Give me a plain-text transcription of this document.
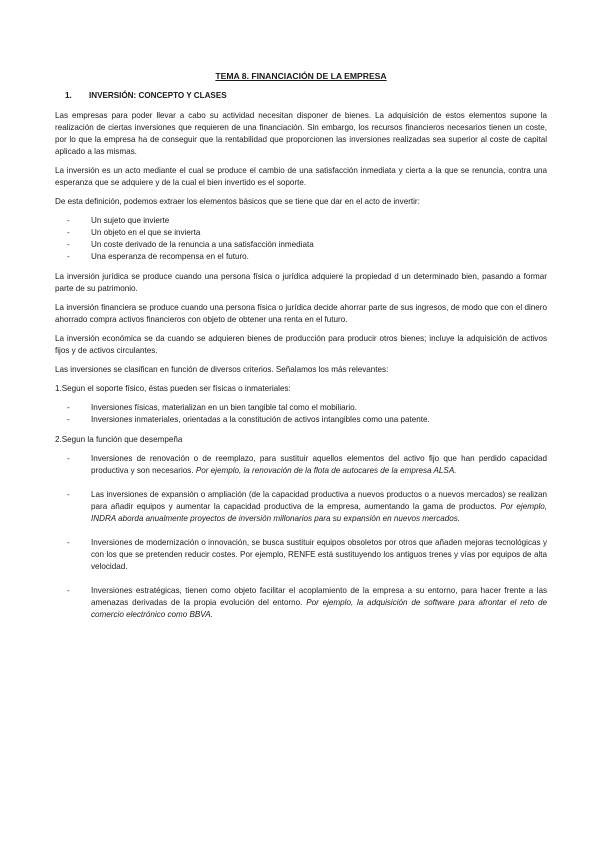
TEMA 8. FINANCIACIÓN DE LA EMPRESA
1. INVERSIÓN: CONCEPTO Y CLASES

Las empresas para poder llevar a cabo su actividad necesitan disponer de bienes. La adquisición de estos elementos supone la realización de ciertas inversiones que requieren de una financiación. Sin embargo, los recursos financieros necesarios tienen un coste, por lo que la empresa ha de conseguir que la rentabilidad que proporcionen las inversiones realizadas sea superior al coste de capital aplicado a las mismas.

La inversión es un acto mediante el cual se produce el cambio de una satisfacción inmediata y cierta a la que se renuncia, contra una esperanza que se adquiere y de la cual el bien invertido es el soporte.

De esta definición, podemos extraer los elementos básicos que se tiene que dar en el acto de invertir:

-	Un sujeto que invierte
-	Un objeto en el que se invierta
-	Un coste derivado de la renuncia a una satisfacción inmediata
-	Una esperanza de recompensa en el futuro.

La inversión jurídica se produce cuando una persona física o jurídica adquiere la propiedad d un determinado bien, pasando a formar parte de su patrimonio.

La inversión financiera se produce cuando una persona física o jurídica decide ahorrar parte de sus ingresos, de modo que con el dinero ahorrado compra activos financieros con objeto de obtener una renta en el futuro.

La inversión económica se da cuando se adquieren bienes de producción para producir otros bienes; incluye la adquisición de activos fijos y de activos circulantes.

Las inversiones se clasifican en función de diversos criterios. Señalamos los más relevantes:

1.Segun el soporte físico, éstas pueden ser físicas o inmateriales:

-	Inversiones físicas, materializan en un bien tangible tal como el mobiliario.
-	Inversiones inmateriales, orientadas a la constitución de activos intangibles como una patente.

2.Segun la función que desempeña

-	Inversiones de renovación o de reemplazo, para sustituir aquellos elementos del activo fijo que han perdido capacidad productiva y son necesarios. Por ejemplo, la renovación de la flota de autocares de la empresa ALSA.
-	Las inversiones de expansión o ampliación (de la capacidad productiva a nuevos productos o a nuevos mercados) se realizan para añadir equipos y aumentar la capacidad productiva de la empresa, aumentando la gama de productos. Por ejemplo, INDRA aborda anualmente proyectos de inversión millonarios para su expansión en nuevos mercados.
-	Inversiones de modernización o innovación, se busca sustituir equipos obsoletos por otros que añaden mejoras tecnológicas y con los que se pretenden reducir costes. Por ejemplo, RENFE está sustituyendo los antiguos trenes y vías por equipos de alta velocidad.
-	Inversiones estratégicas, tienen como objeto facilitar el acoplamiento de la empresa a su entorno, para hacer frente a las amenazas derivadas de la propia evolución del entorno. Por ejemplo, la adquisición de software para afrontar el reto de comercio electrónico como BBVA.
